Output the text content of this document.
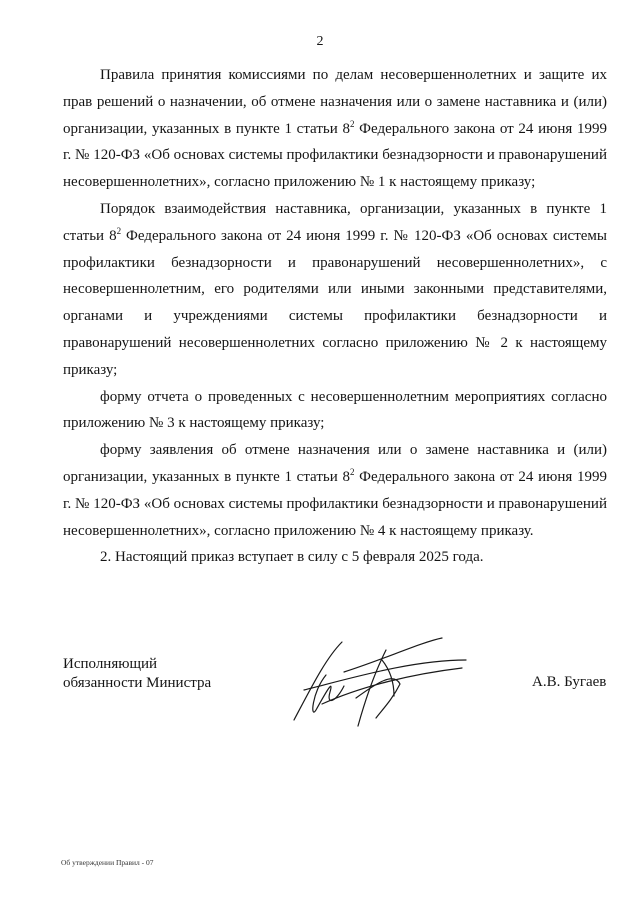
2

Правила принятия комиссиями по делам несовершеннолетних и защите их прав решений о назначении, об отмене назначения или о замене наставника и (или) организации, указанных в пункте 1 статьи $8^2$ Федерального закона от 24 июня 1999 г. № 120-ФЗ «Об основах системы профилактики безнадзорности и правонарушений несовершеннолетних», согласно приложению № 1 к настоящему приказу;

Порядок взаимодействия наставника, организации, указанных в пункте 1 статьи $8^2$ Федерального закона от 24 июня 1999 г. № 120-ФЗ «Об основах системы профилактики безнадзорности и правонарушений несовершеннолетних», с несовершеннолетним, его родителями или иными законными представителями, органами и учреждениями системы профилактики безнадзорности и правонарушений несовершеннолетних согласно приложению № 2 к настоящему приказу;

форму отчета о проведенных с несовершеннолетним мероприятиях согласно приложению № 3 к настоящему приказу;

форму заявления об отмене назначения или о замене наставника и (или) организации, указанных в пункте 1 статьи $8^2$ Федерального закона от 24 июня 1999 г. № 120-ФЗ «Об основах системы профилактики безнадзорности и правонарушений несовершеннолетних», согласно приложению № 4 к настоящему приказу.

2. Настоящий приказ вступает в силу с 5 февраля 2025 года.

Исполняющий
обязанности Министра	А.В. Бугаев
Об утверждении Правил - 07
